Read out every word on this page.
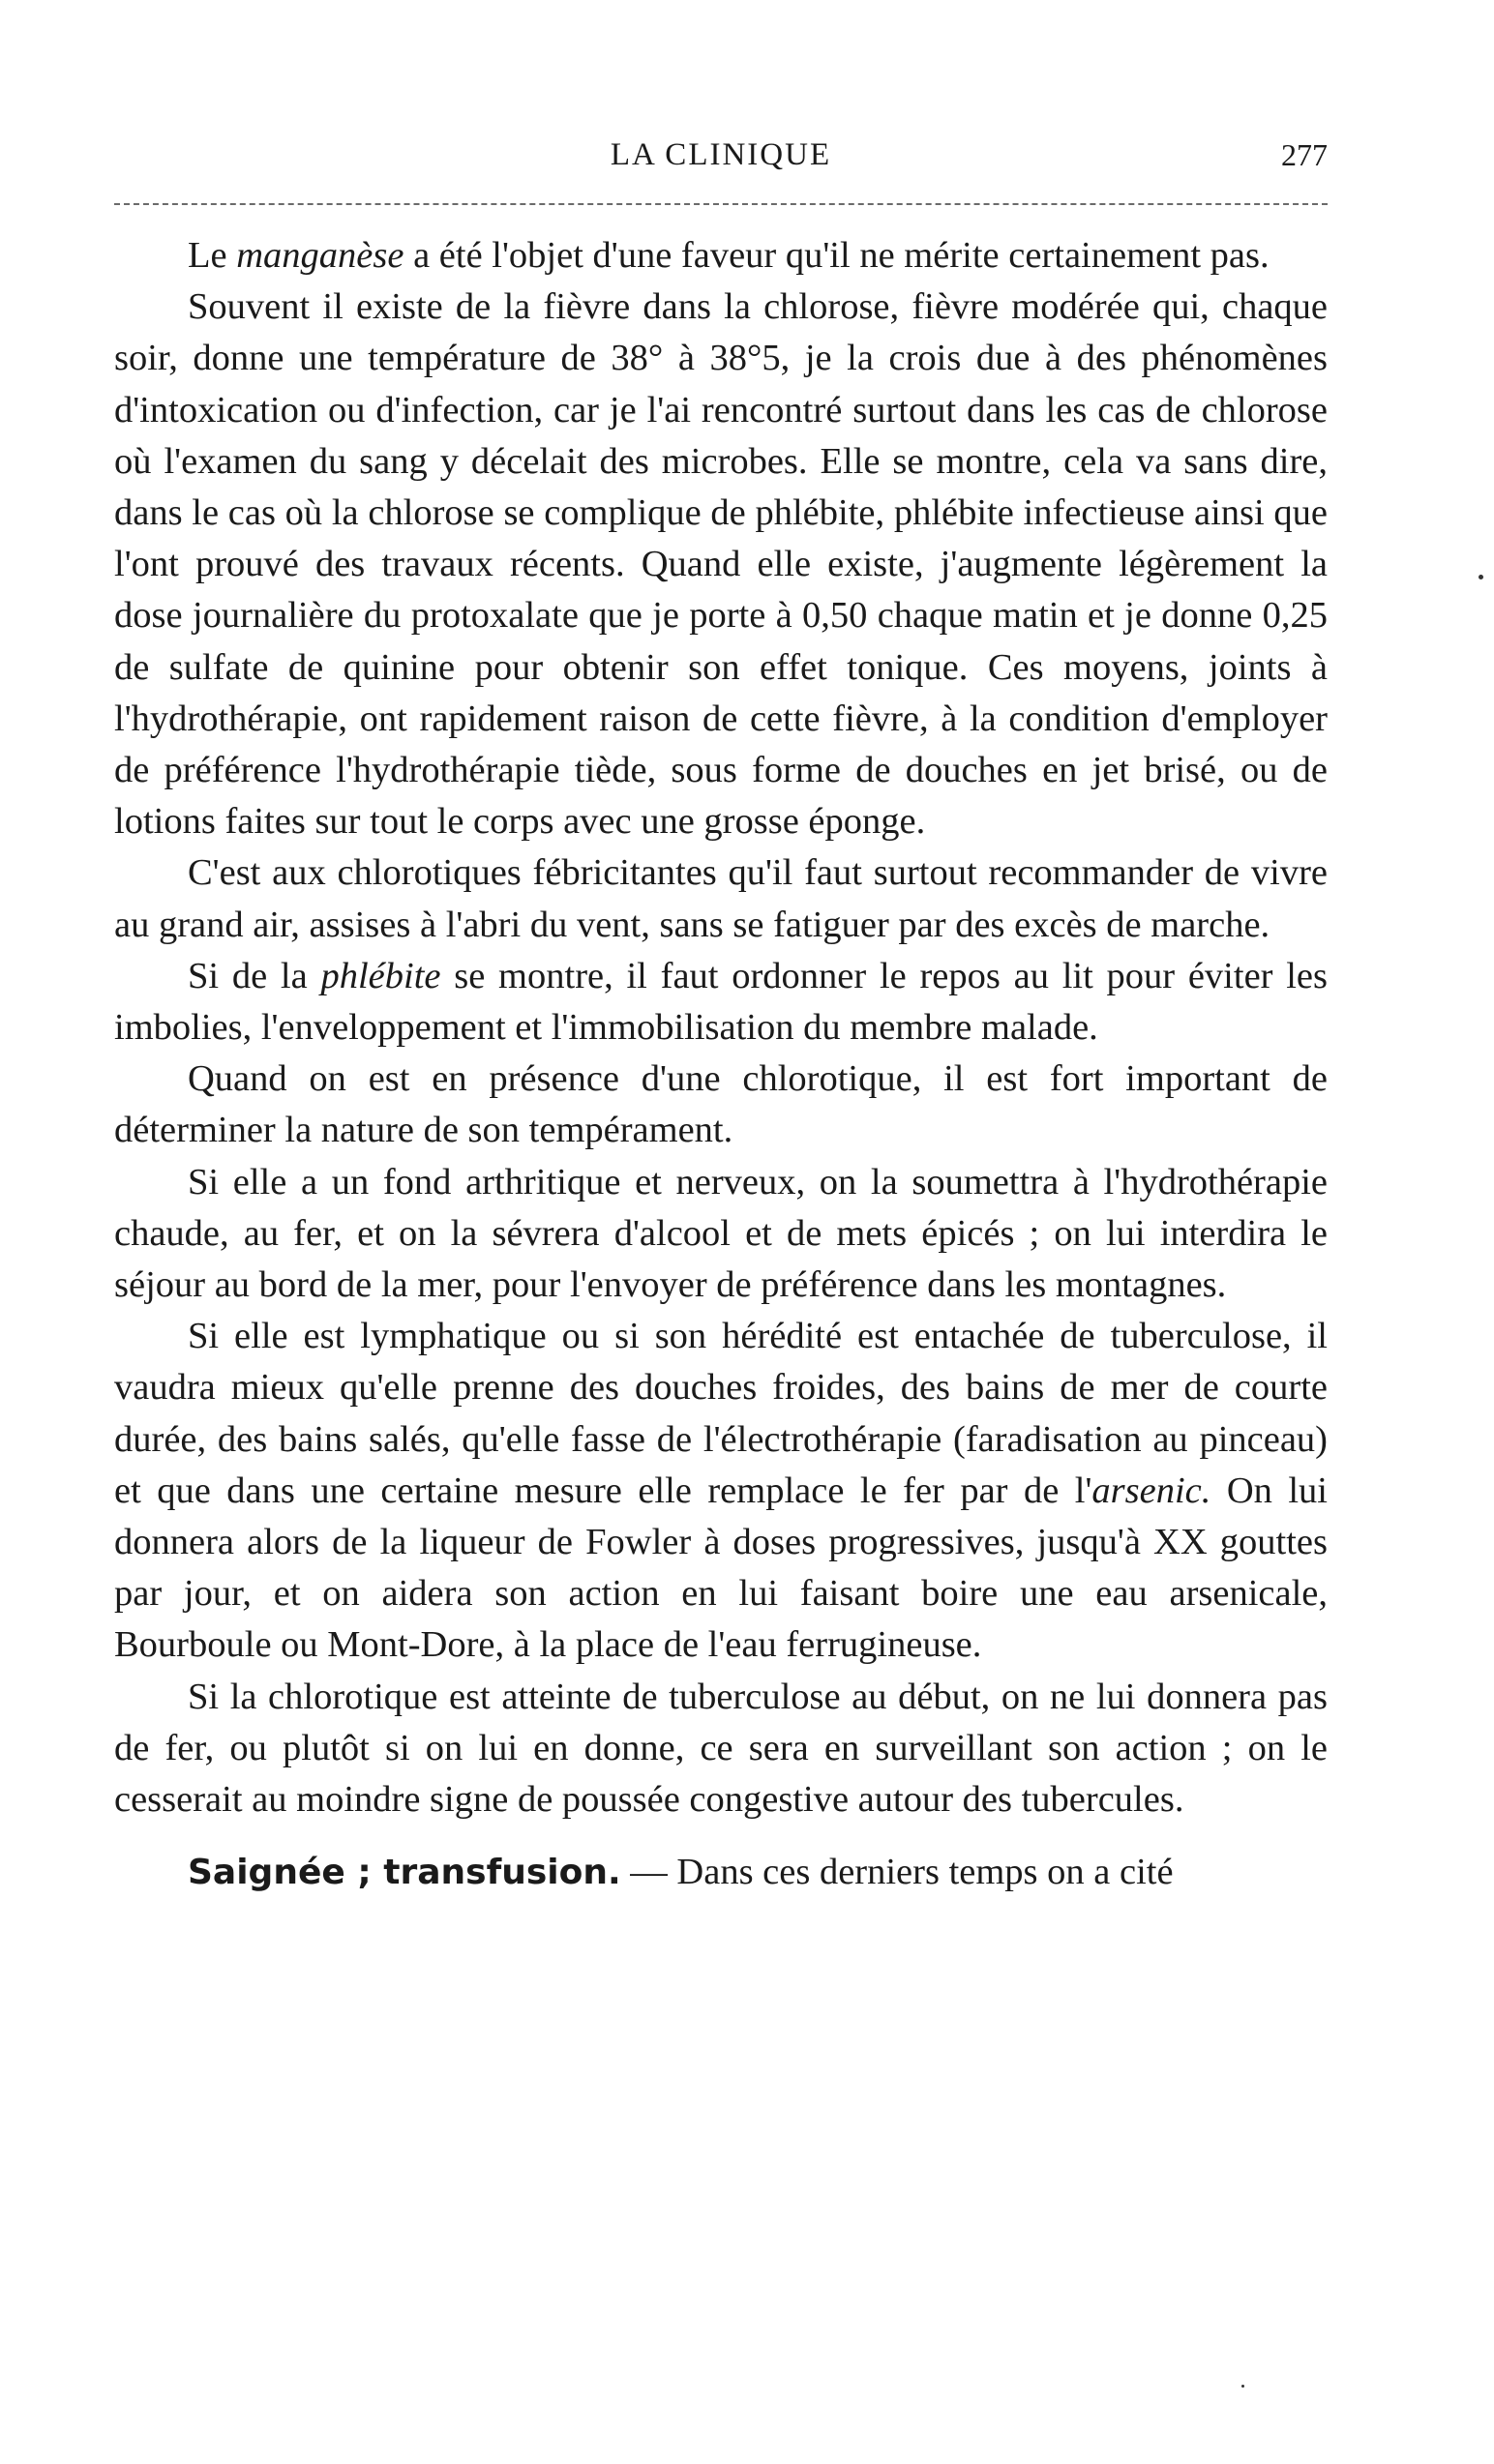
LA CLINIQUE	277

Le manganèse a été l'objet d'une faveur qu'il ne mérite certainement pas.

Souvent il existe de la fièvre dans la chlorose, fièvre modérée qui, chaque soir, donne une température de 38° à 38°5, je la crois due à des phénomènes d'intoxication ou d'infection, car je l'ai rencontré surtout dans les cas de chlorose où l'examen du sang y décelait des microbes. Elle se montre, cela va sans dire, dans le cas où la chlorose se complique de phlébite, phlébite infectieuse ainsi que l'ont prouvé des travaux récents. Quand elle existe, j'augmente légèrement la dose journalière du protoxalate que je porte à 0,50 chaque matin et je donne 0,25 de sulfate de quinine pour obtenir son effet tonique. Ces moyens, joints à l'hydrothérapie, ont rapidement raison de cette fièvre, à la condition d'employer de préférence l'hydrothérapie tiède, sous forme de douches en jet brisé, ou de lotions faites sur tout le corps avec une grosse éponge.

C'est aux chlorotiques fébricitantes qu'il faut surtout recommander de vivre au grand air, assises à l'abri du vent, sans se fatiguer par des excès de marche.

Si de la phlébite se montre, il faut ordonner le repos au lit pour éviter les imbolies, l'enveloppement et l'immobilisation du membre malade.

Quand on est en présence d'une chlorotique, il est fort important de déterminer la nature de son tempérament.

Si elle a un fond arthritique et nerveux, on la soumettra à l'hydrothérapie chaude, au fer, et on la sévrera d'alcool et de mets épicés ; on lui interdira le séjour au bord de la mer, pour l'envoyer de préférence dans les montagnes.

Si elle est lymphatique ou si son hérédité est entachée de tuberculose, il vaudra mieux qu'elle prenne des douches froides, des bains de mer de courte durée, des bains salés, qu'elle fasse de l'électrothérapie (faradisation au pinceau) et que dans une certaine mesure elle remplace le fer par de l'arsenic. On lui donnera alors de la liqueur de Fowler à doses progressives, jusqu'à XX gouttes par jour, et on aidera son action en lui faisant boire une eau arsenicale, Bourboule ou Mont-Dore, à la place de l'eau ferrugineuse.

Si la chlorotique est atteinte de tuberculose au début, on ne lui donnera pas de fer, ou plutôt si on lui en donne, ce sera en surveillant son action ; on le cesserait au moindre signe de poussée congestive autour des tubercules.

Saignée ; transfusion. — Dans ces derniers temps on a cité
